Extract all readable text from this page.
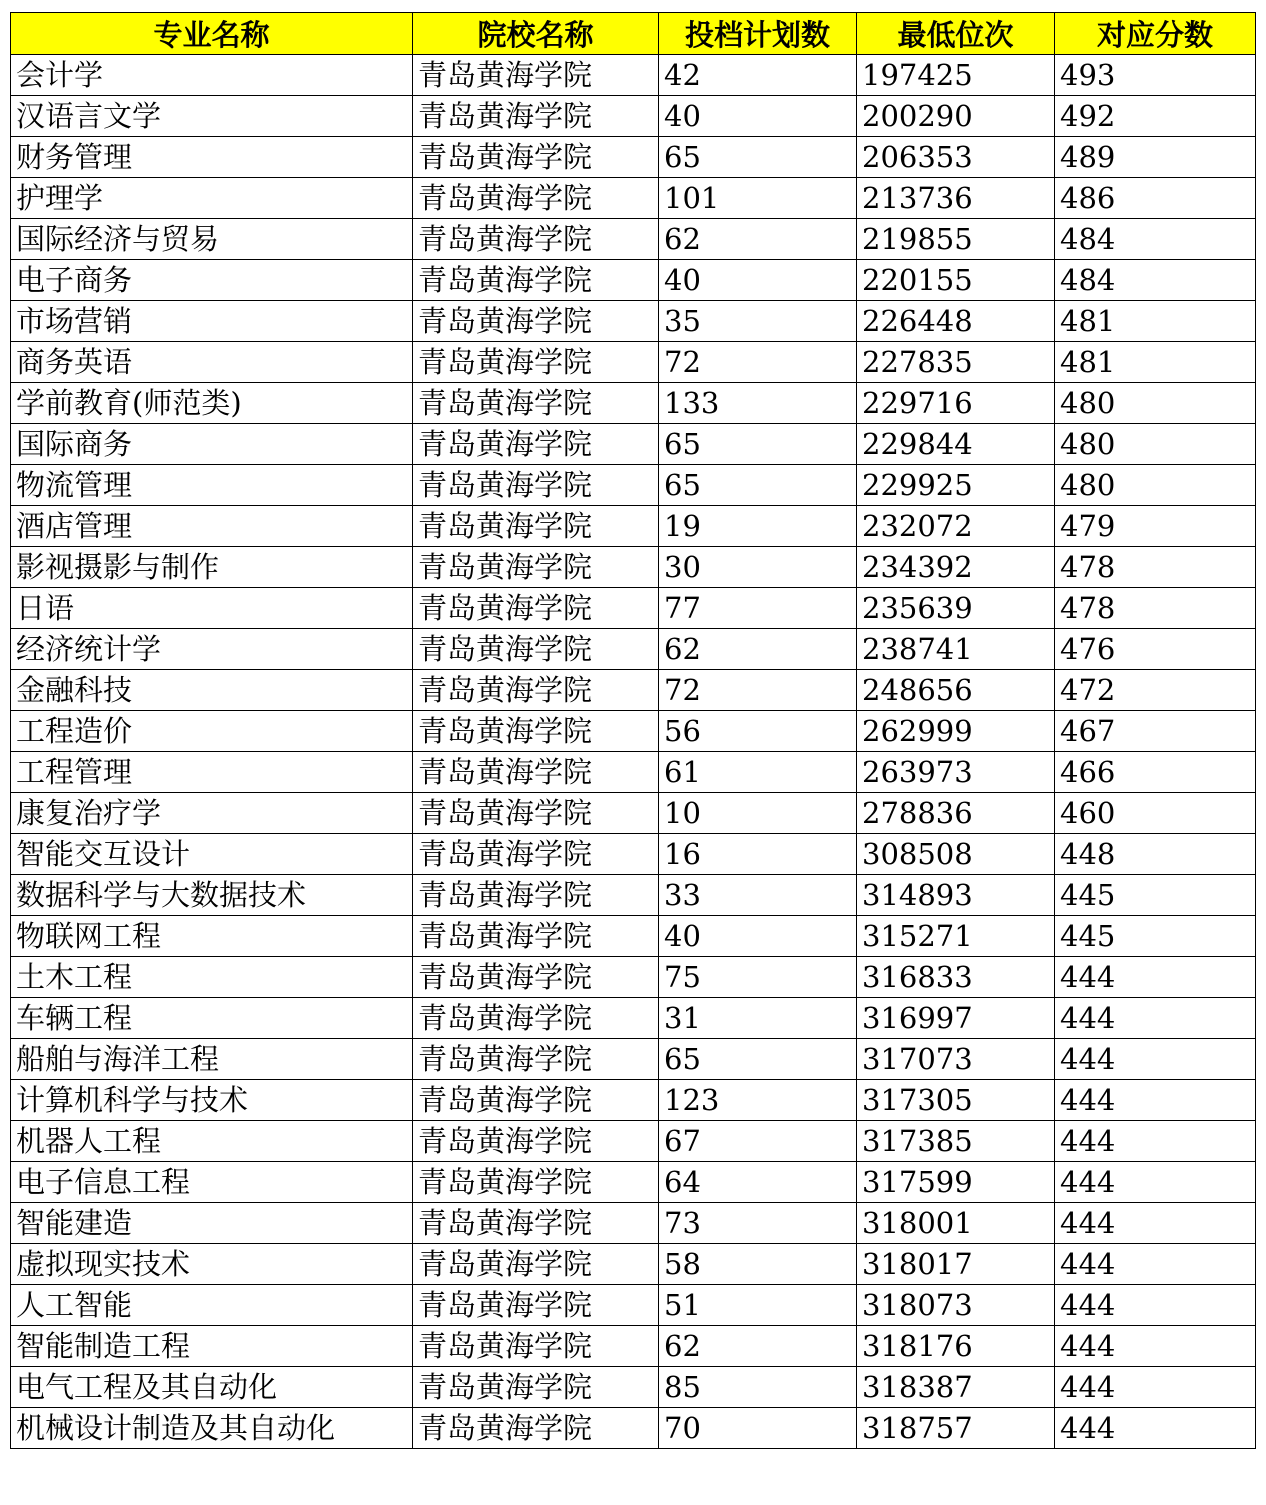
专业名称	院校名称	投档计划数	最低位次	对应分数
会计学	青岛黄海学院	42	197425	493
汉语言文学	青岛黄海学院	40	200290	492
财务管理	青岛黄海学院	65	206353	489
护理学	青岛黄海学院	101	213736	486
国际经济与贸易	青岛黄海学院	62	219855	484
电子商务	青岛黄海学院	40	220155	484
市场营销	青岛黄海学院	35	226448	481
商务英语	青岛黄海学院	72	227835	481
学前教育(师范类)	青岛黄海学院	133	229716	480
国际商务	青岛黄海学院	65	229844	480
物流管理	青岛黄海学院	65	229925	480
酒店管理	青岛黄海学院	19	232072	479
影视摄影与制作	青岛黄海学院	30	234392	478
日语	青岛黄海学院	77	235639	478
经济统计学	青岛黄海学院	62	238741	476
金融科技	青岛黄海学院	72	248656	472
工程造价	青岛黄海学院	56	262999	467
工程管理	青岛黄海学院	61	263973	466
康复治疗学	青岛黄海学院	10	278836	460
智能交互设计	青岛黄海学院	16	308508	448
数据科学与大数据技术	青岛黄海学院	33	314893	445
物联网工程	青岛黄海学院	40	315271	445
土木工程	青岛黄海学院	75	316833	444
车辆工程	青岛黄海学院	31	316997	444
船舶与海洋工程	青岛黄海学院	65	317073	444
计算机科学与技术	青岛黄海学院	123	317305	444
机器人工程	青岛黄海学院	67	317385	444
电子信息工程	青岛黄海学院	64	317599	444
智能建造	青岛黄海学院	73	318001	444
虚拟现实技术	青岛黄海学院	58	318017	444
人工智能	青岛黄海学院	51	318073	444
智能制造工程	青岛黄海学院	62	318176	444
电气工程及其自动化	青岛黄海学院	85	318387	444
机械设计制造及其自动化	青岛黄海学院	70	318757	444
